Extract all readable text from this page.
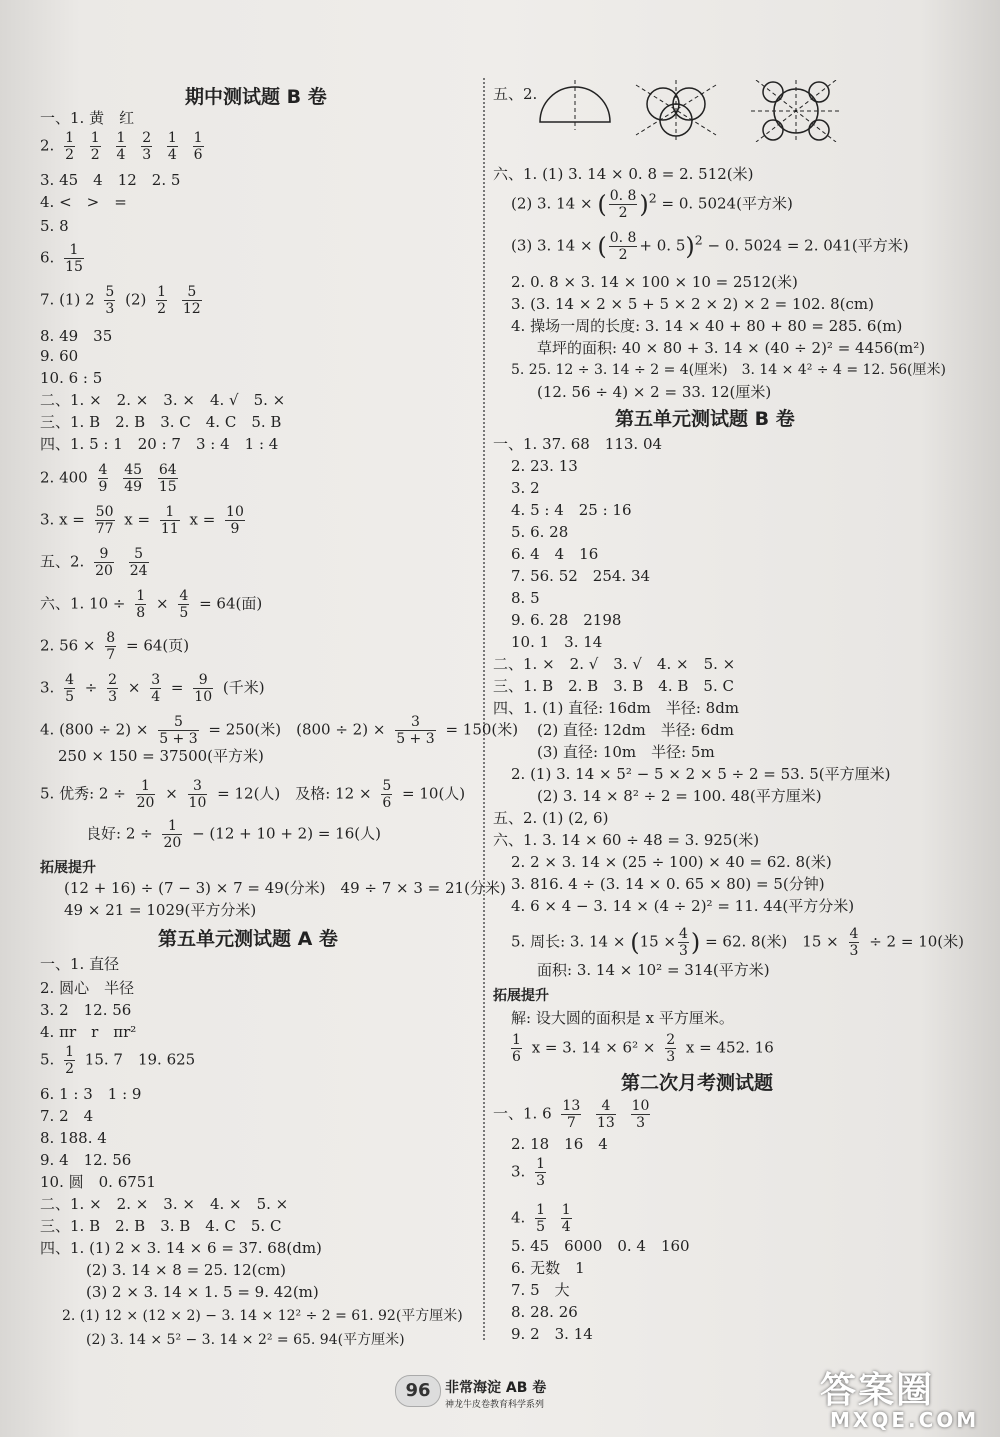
期中测试题 B 卷
一、1. 黄　红
2. $\frac{1}{2}$
$\frac{1}{2}$
$\frac{1}{4}$
$\frac{2}{3}$
$\frac{1}{4}$
$\frac{1}{6}$
3. 45　4　12　2. 5
4. <　>　=
5. 8
6. $\frac{1}{15}$
7. (1) $2 \frac{5}{3} (2) \frac{1}{2}$
$\frac{5}{12}$
8. 49　35
9. 60
10. 6 : 5
二、1. ×　2. ×　3. ×　4. √　5. ×
三、1. B　2. B　3. C　4. C　5. B
四、1. 5 : 1　20 : 7　3 : 4　1 : 4
2. $400 \frac{4}{9}$
$\frac{45}{49}$
$\frac{64}{15}$
3. $x = \frac{50}{77}$ $x = \frac{1}{11}$ $x = \frac{10}{9}$
五、2. $\frac{9}{20}$
$\frac{5}{24}$
六、1. $10 \div \frac{1}{8} \times \frac{4}{5} = 64$(面)
2. $56 \times \frac{8}{7} = 64$(页)
3. $\frac{4}{5} \div \frac{2}{3} \times \frac{3}{4} = \frac{9}{10}$ (千米)
4. $(800 \div 2) \times \frac{5}{5 + 3} = 250$(米)　$(800 \div 2) \times \frac{3}{5 + 3} = 150$(米)
250 × 150 = 37500(平方米)
5. 优秀: $2 \div \frac{1}{20} \times \frac{3}{10} = 12$(人)　及格: $12 \times \frac{5}{6} = 10$(人)
良好: $2 \div \frac{1}{20} - (12 + 10 + 2) = 16$(人)
拓展提升
(12 + 16) ÷ (7 − 3) × 7 = 49(分米)　49 ÷ 7 × 3 = 21(分米)
49 × 21 = 1029(平方分米)
第五单元测试题 A 卷
一、1. 直径
2. 圆心　半径
3. 2　12. 56
4. πr　r　πr²
5. $\frac{1}{2} 15$. 7　19. 625
6. 1 : 3　1 : 9
7. 2　4
8. 188. 4
9. 4　12. 56
10. 圆　0. 6751
二、1. ×　2. ×　3. ×　4. ×　5. ×
三、1. B　2. B　3. B　4. C　5. C
四、1. (1) 2 × 3. 14 × 6 = 37. 68(dm)
(2) 3. 14 × 8 = 25. 12(cm)
(3) 2 × 3. 14 × 1. 5 = 9. 42(m)
2. (1) 12 × (12 × 2) − 3. 14 × 12² ÷ 2 = 61. 92(平方厘米)
(2) 3. 14 × 5² − 3. 14 × 2² = 65. 94(平方厘米)
五、2.
六、1. (1) 3. 14 × 0. 8 = 2. 512(米)
(2) 3. 14 × ( $\frac{0. 8}{2} )^2 = 0$. 5024(平方米)
(3) 3. 14 × ( $\frac{0. 8}{2} + 0$. 5)$^2$ − 0. 5024 = 2. 041(平方米)
2. 0. 8 × 3. 14 × 100 × 10 = 2512(米)
3. (3. 14 × 2 × 5 + 5 × 2 × 2) × 2 = 102. 8(cm)
4. 操场一周的长度: 3. 14 × 40 + 80 + 80 = 285. 6(m)
草坪的面积: 40 × 80 + 3. 14 × (40 ÷ 2)² = 4456(m²)
5. 25. 12 ÷ 3. 14 ÷ 2 = 4(厘米)　3. 14 × 4² ÷ 4 = 12. 56(厘米)
(12. 56 ÷ 4) × 2 = 33. 12(厘米)
第五单元测试题 B 卷
一、1. 37. 68　113. 04
2. 23. 13
3. 2
4. 5 : 4　25 : 16
5. 6. 28
6. 4　4　16
7. 56. 52　254. 34
8. 5
9. 6. 28　2198
10. 1　3. 14
二、1. ×　2. √　3. √　4. ×　5. ×
三、1. B　2. B　3. B　4. B　5. C
四、1. (1) 直径: 16dm　半径: 8dm
(2) 直径: 12dm　半径: 6dm
(3) 直径: 10m　半径: 5m
2. (1) 3. 14 × 5² − 5 × 2 × 5 ÷ 2 = 53. 5(平方厘米)
(2) 3. 14 × 8² ÷ 2 = 100. 48(平方厘米)
五、2. (1) (2, 6)
六、1. 3. 14 × 60 ÷ 48 = 3. 925(米)
2. 2 × 3. 14 × (25 ÷ 100) × 40 = 62. 8(米)
3. 816. 4 ÷ (3. 14 × 0. 65 × 80) = 5(分钟)
4. 6 × 4 − 3. 14 × (4 ÷ 2)² = 11. 44(平方分米)
5. 周长: 3. $14 \times (15 \times \frac{4}{3}$ ) = 62. 8(米)　$15 \times \frac{4}{3} \div 2 = 10$(米)
面积: 3. 14 × 10² = 314(平方米)
拓展提升
解: 设大圆的面积是 x 平方厘米。
$\frac{1}{6}$ x = 3. $14 \times 6^2 \times \frac{2}{3}$ x = 452. 16
第二次月考测试题
一、1. $6 \frac{13}{7}$
$\frac{4}{13}$
$\frac{10}{3}$
2. 18　16　4
3. $\frac{1}{3}$
4. $\frac{1}{5}$
$\frac{1}{4}$
5. 45　6000　0. 4　160
6. 无数　1
7. 5　大
8. 28. 26
9. 2　3. 14
96	非常海淀 AB 卷
神龙牛皮卷教育科学系列	答案圈
MXQE.COM
